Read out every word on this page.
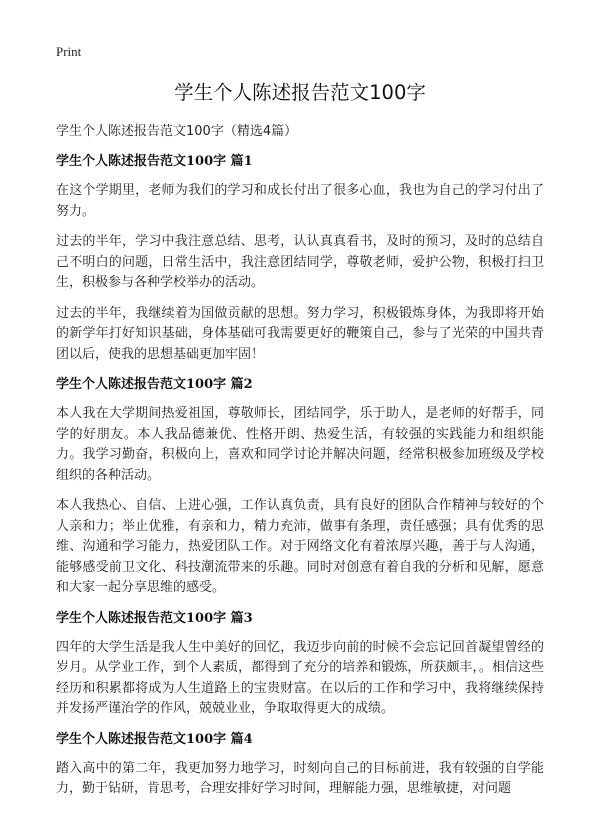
Print
学生个人陈述报告范文100字

学生个人陈述报告范文100字（精选4篇）

学生个人陈述报告范文100字 篇1

在这个学期里，老师为我们的学习和成长付出了很多心血，我也为自己的学习付出了努力。

过去的半年，学习中我注意总结、思考，认认真真看书，及时的预习，及时的总结自己不明白的问题，日常生活中，我注意团结同学，尊敬老师，爱护公物，积极打扫卫生，积极参与各种学校举办的活动。

过去的半年，我继续着为国做贡献的思想。努力学习，积极锻炼身体，为我即将开始的新学年打好知识基础，身体基础可我需要更好的鞭策自己，参与了光荣的中国共青团以后，使我的思想基础更加牢固！

学生个人陈述报告范文100字 篇2

本人我在大学期间热爱祖国，尊敬师长，团结同学，乐于助人，是老师的好帮手，同学的好朋友。本人我品德兼优、性格开朗、热爱生活，有较强的实践能力和组织能力。我学习勤奋，积极向上，喜欢和同学讨论并解决问题，经常积极参加班级及学校组织的各种活动。

本人我热心、自信、上进心强，工作认真负责，具有良好的团队合作精神与较好的个人亲和力；举止优雅，有亲和力，精力充沛，做事有条理，责任感强；具有优秀的思维、沟通和学习能力，热爱团队工作。对于网络文化有着浓厚兴趣，善于与人沟通，能够感受前卫文化、科技潮流带来的乐趣。同时对创意有着自我的分析和见解，愿意和大家一起分享思维的感受。

学生个人陈述报告范文100字 篇3

四年的大学生活是我人生中美好的回忆，我迈步向前的时候不会忘记回首凝望曾经的岁月。从学业工作，到个人素质，都得到了充分的培养和锻炼，所获颇丰，。相信这些经历和积累都将成为人生道路上的宝贵财富。在以后的工作和学习中，我将继续保持并发扬严谨治学的作风，兢兢业业，争取取得更大的成绩。

学生个人陈述报告范文100字 篇4

踏入高中的第二年，我更加努力地学习，时刻向自己的目标前进，我有较强的自学能力，勤于钻研，肯思考，合理安排好学习时间，理解能力强，思维敏捷，对问题
